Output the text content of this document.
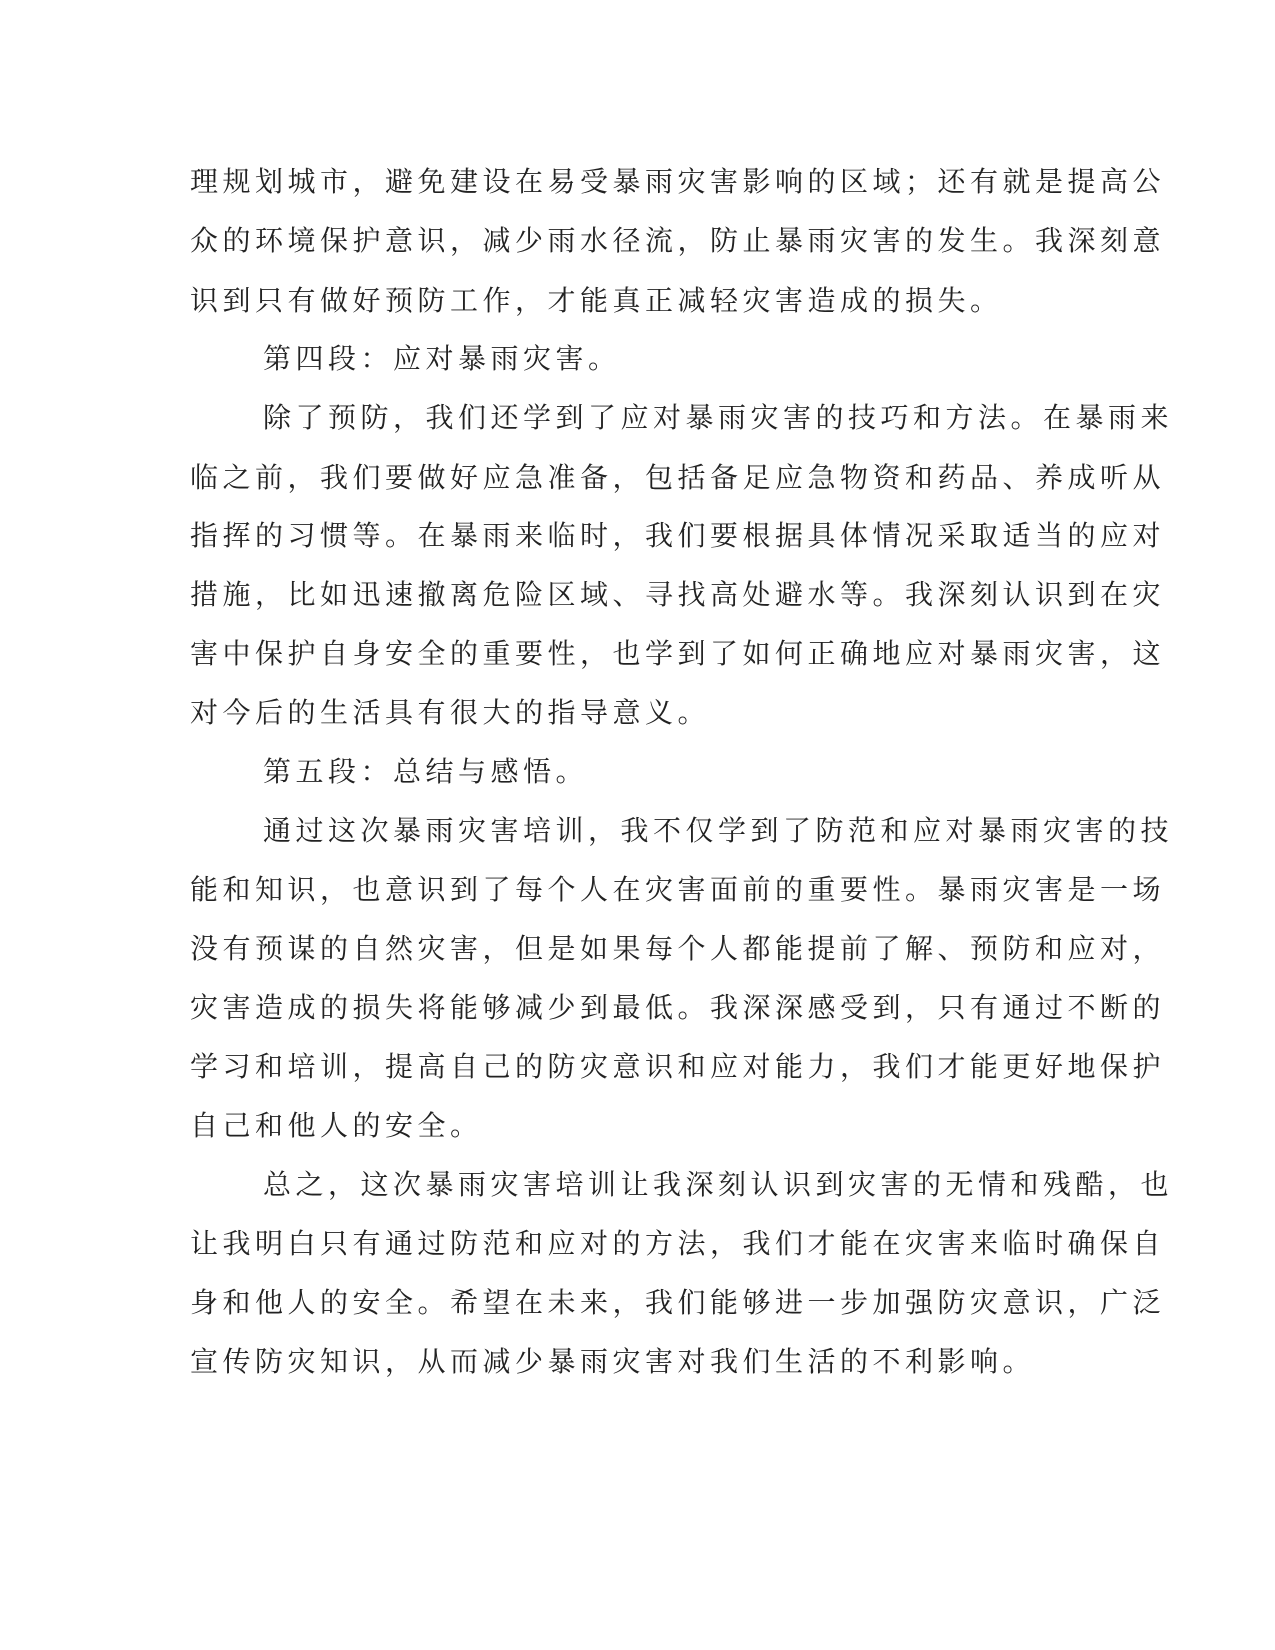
理规划城市，避免建设在易受暴雨灾害影响的区域；还有就是提高公
众的环境保护意识，减少雨水径流，防止暴雨灾害的发生。我深刻意
识到只有做好预防工作，才能真正减轻灾害造成的损失。
第四段：应对暴雨灾害。
除了预防，我们还学到了应对暴雨灾害的技巧和方法。在暴雨来
临之前，我们要做好应急准备，包括备足应急物资和药品、养成听从
指挥的习惯等。在暴雨来临时，我们要根据具体情况采取适当的应对
措施，比如迅速撤离危险区域、寻找高处避水等。我深刻认识到在灾
害中保护自身安全的重要性，也学到了如何正确地应对暴雨灾害，这
对今后的生活具有很大的指导意义。
第五段：总结与感悟。
通过这次暴雨灾害培训，我不仅学到了防范和应对暴雨灾害的技
能和知识，也意识到了每个人在灾害面前的重要性。暴雨灾害是一场
没有预谋的自然灾害，但是如果每个人都能提前了解、预防和应对，
灾害造成的损失将能够减少到最低。我深深感受到，只有通过不断的
学习和培训，提高自己的防灾意识和应对能力，我们才能更好地保护
自己和他人的安全。
总之，这次暴雨灾害培训让我深刻认识到灾害的无情和残酷，也
让我明白只有通过防范和应对的方法，我们才能在灾害来临时确保自
身和他人的安全。希望在未来，我们能够进一步加强防灾意识，广泛
宣传防灾知识，从而减少暴雨灾害对我们生活的不利影响。
